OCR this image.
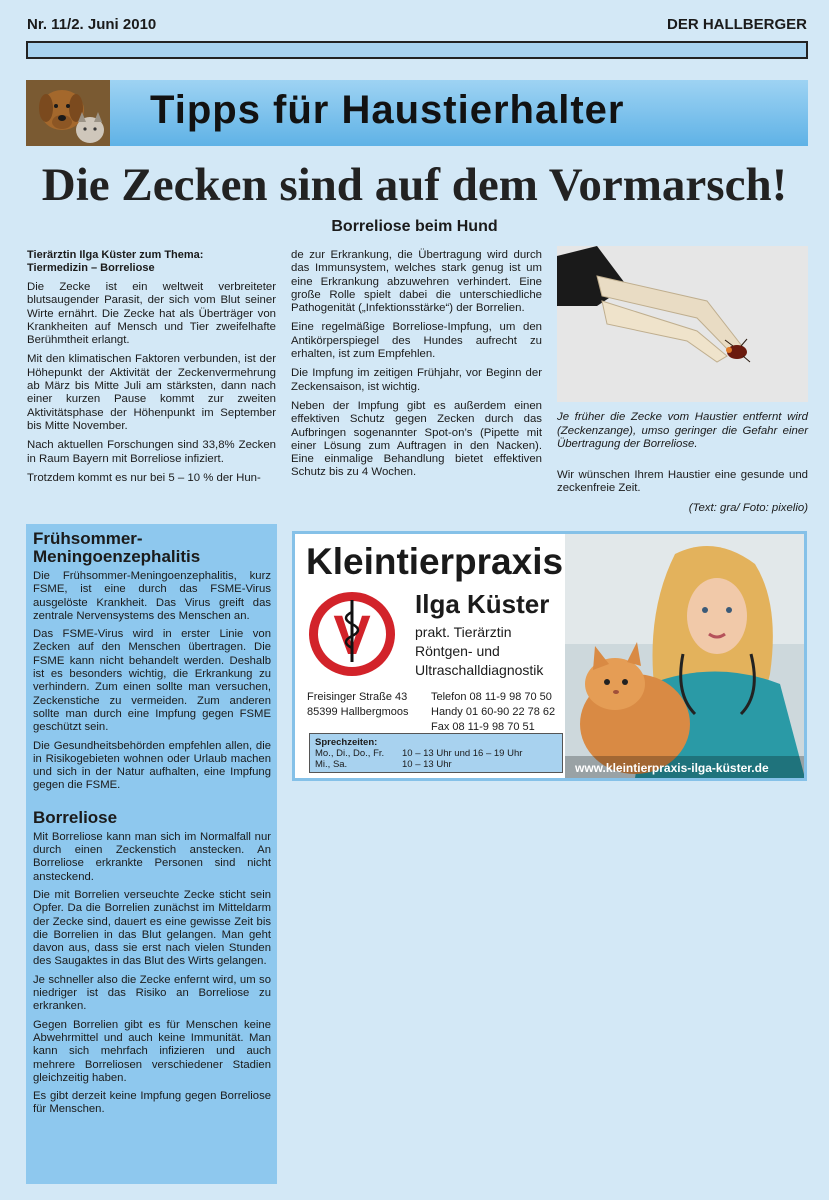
Nr. 11/2. Juni 2010	DER HALLBERGER
Tipps für Haustierhalter
Die Zecken sind auf dem Vormarsch!
Borreliose beim Hund
Tierärztin Ilga Küster zum Thema:
Tiermedizin – Borreliose

Die Zecke ist ein weltweit verbreiteter blutsaugender Parasit, der sich vom Blut seiner Wirte ernährt. Die Zecke hat als Überträger von Krankheiten auf Mensch und Tier zweifelhafte Berühmtheit erlangt.

Mit den klimatischen Faktoren verbunden, ist der Höhepunkt der Aktivität der Zeckenvermehrung ab März bis Mitte Juli am stärksten, dann nach einer kurzen Pause kommt zur zweiten Aktivitätsphase der Höhenpunkt im September bis Mitte November.

Nach aktuellen Forschungen sind 33,8% Zecken in Raum Bayern mit Borreliose infiziert.

Trotzdem kommt es nur bei 5 – 10 % der Hun-

de zur Erkrankung, die Übertragung wird durch das Immunsystem, welches stark genug ist um eine Erkrankung abzuwehren verhindert. Eine große Rolle spielt dabei die unterschiedliche Pathogenität („Infektionsstärke“) der Borrelien.

Eine regelmäßige Borreliose-Impfung, um den Antikörperspiegel des Hundes aufrecht zu erhalten, ist zum Empfehlen.

Die Impfung im zeitigen Frühjahr, vor Beginn der Zeckensaison, ist wichtig.

Neben der Impfung gibt es außerdem einen effektiven Schutz gegen Zecken durch das Aufbringen sogenannter Spot-on’s (Pipette mit einer Lösung zum Auftragen in den Nacken). Eine einmalige Behandlung bietet effektiven Schutz bis zu 4 Wochen.

Je früher die Zecke vom Haustier entfernt wird (Zeckenzange), umso geringer die Gefahr einer Übertragung der Borreliose.

Wir wünschen Ihrem Haustier eine gesunde und zeckenfreie Zeit.

(Text: gra/ Foto: pixelio)

Frühsommer-Meningoenzephalitis

Die Frühsommer-Meningoenzephalitis, kurz FSME, ist eine durch das FSME-Virus ausgelöste Krankheit. Das Virus greift das zentrale Nervensystems des Menschen an.

Das FSME-Virus wird in erster Linie von Zecken auf den Menschen übertragen. Die FSME kann nicht behandelt werden. Deshalb ist es besonders wichtig, die Erkrankung zu verhindern. Zum einen sollte man versuchen, Zeckenstiche zu vermeiden. Zum anderen sollte man durch eine Impfung gegen FSME geschützt sein.

Die Gesundheitsbehörden empfehlen allen, die in Risikogebieten wohnen oder Urlaub machen und sich in der Natur aufhalten, eine Impfung gegen die FSME.

Borreliose

Mit Borreliose kann man sich im Normalfall nur durch einen Zeckenstich anstecken. An Borreliose erkrankte Personen sind nicht ansteckend.

Die mit Borrelien verseuchte Zecke sticht sein Opfer. Da die Borrelien zunächst im Mitteldarm der Zecke sind, dauert es eine gewisse Zeit bis die Borrelien in das Blut gelangen. Man geht davon aus, dass sie erst nach vielen Stunden des Saugaktes in das Blut des Wirts gelangen.

Je schneller also die Zecke enfernt wird, um so niedriger ist das Risiko an Borreliose zu erkranken.

Gegen Borrelien gibt es für Menschen keine Abwehrmittel und auch keine Immunität. Man kann sich mehrfach infizieren und auch mehrere Borreliosen verschiedener Stadien gleichzeitig haben.

Es gibt derzeit keine Impfung gegen Borreliose für Menschen.

Kleintierpraxis
V Ilga Küster
prakt. Tierärztin
Röntgen- und
Ultraschalldiagnostik
Freisinger Straße 43
85399 Hallbergmoos
Telefon 08 11-9 98 70 50
Handy 01 60-90 22 78 62
Fax 08 11-9 98 70 51
Sprechzeiten:
Mo., Di., Do., Fr.	10 – 13 Uhr und 16 – 19 Uhr
Mi., Sa.	10 – 13 Uhr	www.kleintierpraxis-ilga-küster.de
